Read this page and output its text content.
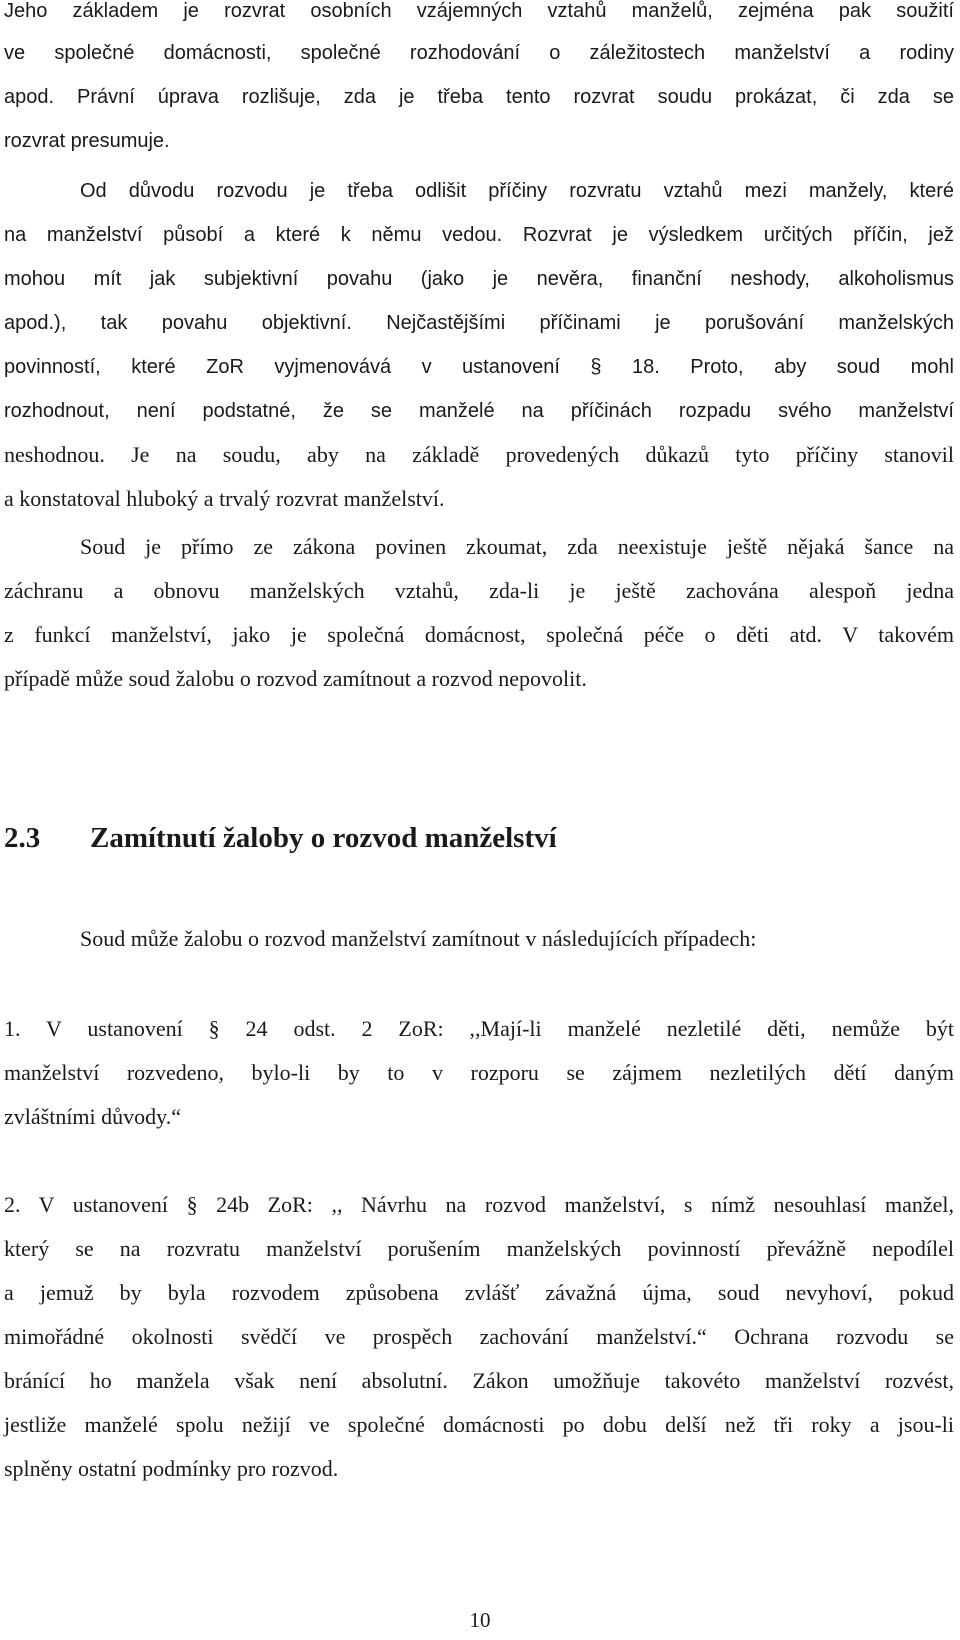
Jeho základem je rozvrat osobních vzájemných vztahů manželů, zejména pak soužití
ve společné domácnosti, společné rozhodování o záležitostech manželství a rodiny
apod. Právní úprava rozlišuje, zda je třeba tento rozvrat soudu prokázat, či zda se
rozvrat presumuje.
Od důvodu rozvodu je třeba odlišit příčiny rozvratu vztahů mezi manžely, které
na manželství působí a které k němu vedou. Rozvrat je výsledkem určitých příčin, jež
mohou mít jak subjektivní povahu (jako je nevěra, finanční neshody, alkoholismus
apod.), tak povahu objektivní. Nejčastějšími příčinami je porušování manželských
povinností, které ZoR vyjmenovává v ustanovení § 18. Proto, aby soud mohl
rozhodnout, není podstatné, že se manželé na příčinách rozpadu svého manželství
neshodnou. Je na soudu, aby na základě provedených důkazů tyto příčiny stanovil
a konstatoval hluboký a trvalý rozvrat manželství.
Soud je přímo ze zákona povinen zkoumat, zda neexistuje ještě nějaká šance na
záchranu a obnovu manželských vztahů, zda-li je ještě zachována alespoň jedna
z funkcí manželství, jako je společná domácnost, společná péče o děti atd. V takovém
případě může soud žalobu o rozvod zamítnout a rozvod nepovolit.
2.3 Zamítnutí žaloby o rozvod manželství
Soud může žalobu o rozvod manželství zamítnout v následujících případech:
1. V ustanovení § 24 odst. 2 ZoR: ,,Mají-li manželé nezletilé děti, nemůže být
manželství rozvedeno, bylo-li by to v rozporu se zájmem nezletilých dětí daným
zvláštními důvody.“
2. V ustanovení § 24b ZoR: ,, Návrhu na rozvod manželství, s nímž nesouhlasí manžel,
který se na rozvratu manželství porušením manželských povinností převážně nepodílel
a jemuž by byla rozvodem způsobena zvlášť závažná újma, soud nevyhoví, pokud
mimořádné okolnosti svědčí ve prospěch zachování manželství.“ Ochrana rozvodu se
bránící ho manžela však není absolutní. Zákon umožňuje takovéto manželství rozvést,
jestliže manželé spolu nežijí ve společné domácnosti po dobu delší než tři roky a jsou-li
splněny ostatní podmínky pro rozvod.
10
